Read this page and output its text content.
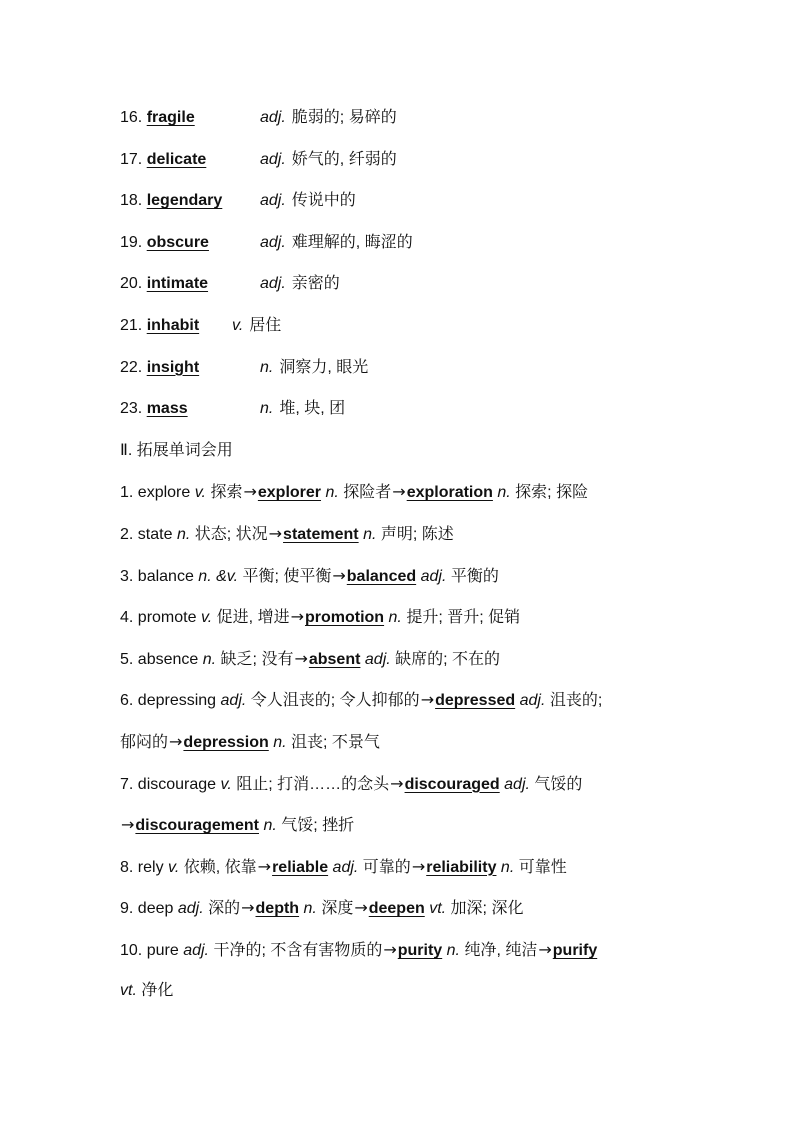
16. fragile	adj. 脆弱的; 易碎的
17. delicate	adj. 娇气的, 纤弱的
18. legendary adj. 传说中的
19. obscure	adj. 难理解的, 晦涩的
20. intimate	adj. 亲密的
21. inhabit v. 居住
22. insight	n. 洞察力, 眼光
23. mass	n. 堆, 块, 团
Ⅱ. 拓展单词会用
1. explore v. 探索→explorer n. 探险者→exploration n. 探索; 探险
2. state n. 状态; 状况→statement n. 声明; 陈述
3. balance n. &v. 平衡; 使平衡→balanced adj. 平衡的
4. promote v. 促进, 增进→promotion n. 提升; 晋升; 促销
5. absence n. 缺乏; 没有→absent adj. 缺席的; 不在的
6. depressing adj. 令人沮丧的; 令人抑郁的→depressed adj. 沮丧的;
郁闷的→depression n. 沮丧; 不景气
7. discourage v. 阻止; 打消……的念头→discouraged adj. 气馁的
→discouragement n. 气馁; 挫折
8. rely v. 依赖, 依靠→reliable adj. 可靠的→reliability n. 可靠性
9. deep adj. 深的→depth n. 深度→deepen vt. 加深; 深化
10. pure adj. 干净的; 不含有害物质的→purity n. 纯净, 纯洁→purify
vt. 净化
